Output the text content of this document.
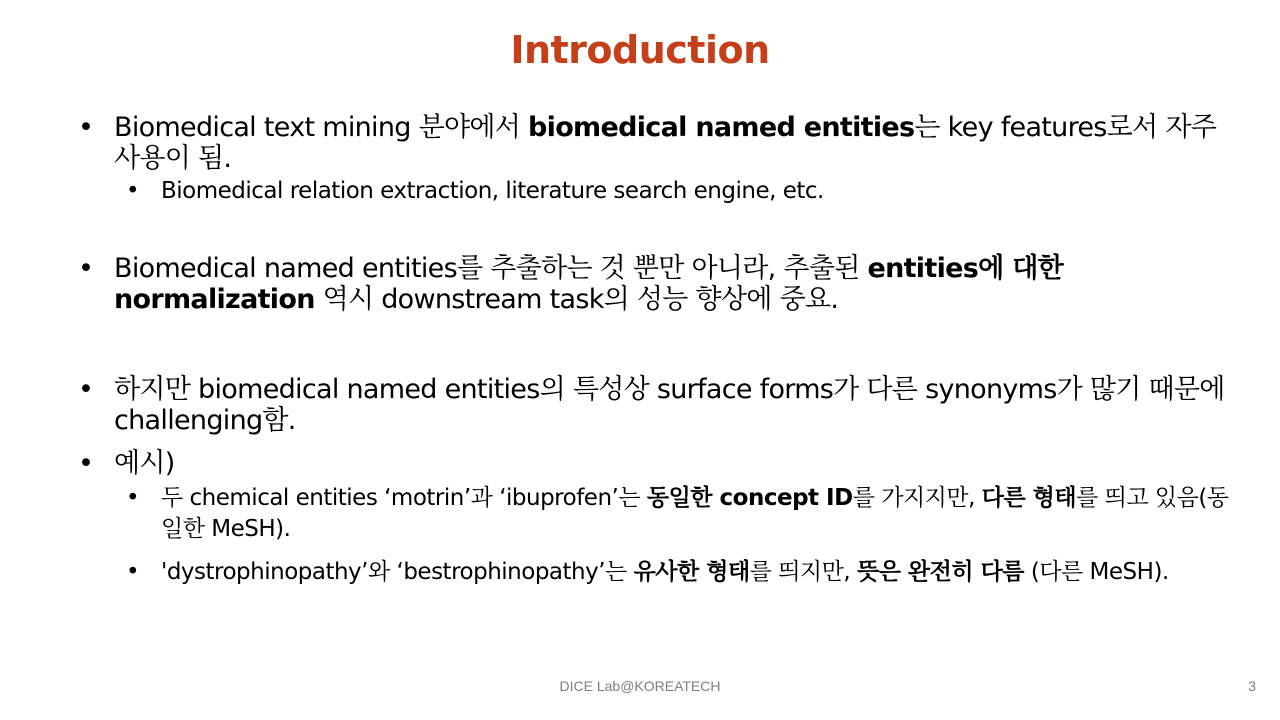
Introduction
• Biomedical text mining 분야에서 biomedical named entities는 key features로서 자주 사용이 됨.
• Biomedical relation extraction, literature search engine, etc.
• Biomedical named entities를 추출하는 것 뿐만 아니라, 추출된 entities에 대한 normalization 역시 downstream task의 성능 향상에 중요.
• 하지만 biomedical named entities의 특성상 surface forms가 다른 synonyms가 많기 때문에 challenging함.
• 예시)
• 두 chemical entities ‘motrin’과 ‘ibuprofen’는 동일한 concept ID를 가지지만, 다른 형태를 띄고 있음(동일한 MeSH).
• 'dystrophinopathy’와 ‘bestrophinopathy’는 유사한 형태를 띄지만, 뜻은 완전히 다름 (다른 MeSH).
DICE Lab@KOREATECH	3
